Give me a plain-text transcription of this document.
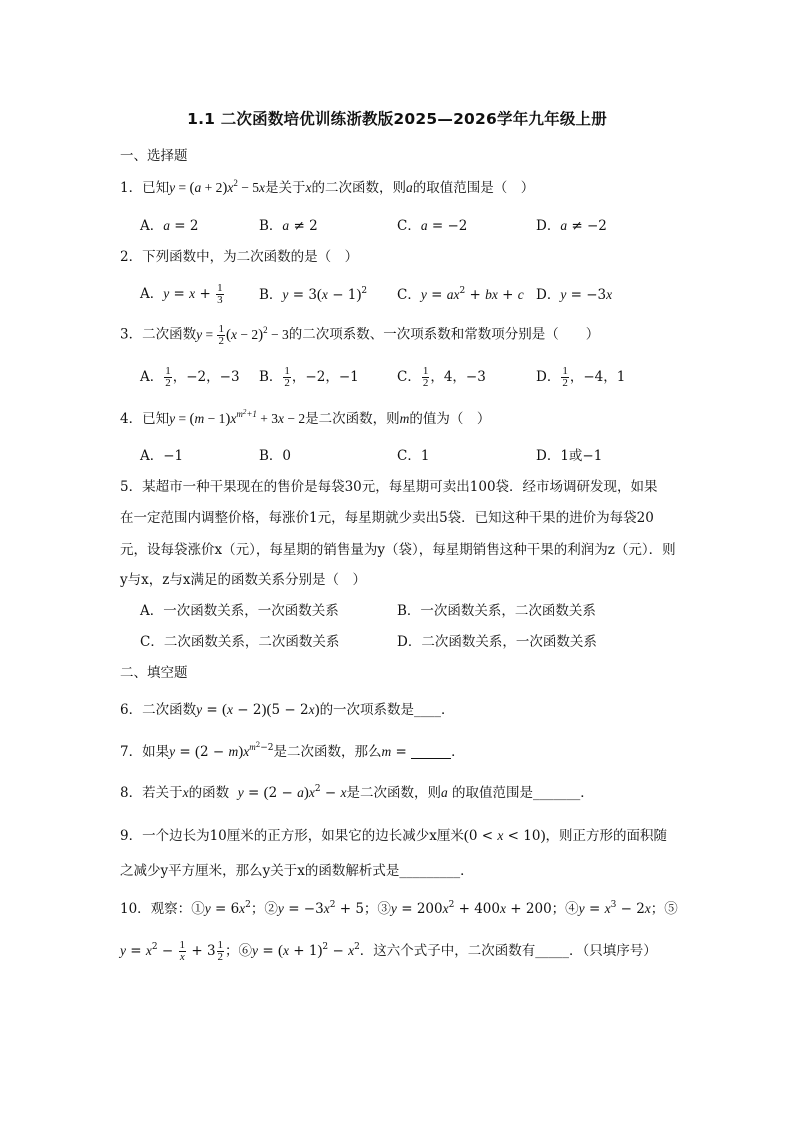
1.1 二次函数培优训练浙教版2025—2026学年九年级上册
一、选择题
1．已知$y = (a + 2)x^2 - 5x$是关于x的二次函数，则a的取值范围是（　）
A．a = 2	B．a ≠ 2	C．a = −2	D．a ≠ −2
2．下列函数中，为二次函数的是（　）
A．$y = x + \frac{1}{3}$	B．$y = 3(x - 1)^2$ C．$y = ax^2$ + bx + c D．y = −3x
3．二次函数$y = \frac{1}{2} (x - 2)^2 - 3$的二次项系数、一次项系数和常数项分别是（　　）
A． $\frac{1}{2}$ ，−2，−3 B． $\frac{1}{2}$ ，−2，−1	C． $\frac{1}{2}$ ，4，−3	D． $\frac{1}{2}$ ，−4，1
4．已知$y = (m - 1)x^{m^2+1} + 3x - 2$是二次函数，则m的值为（　）
A．−1	B．0	C．1	D．1或−1
5．某超市一种干果现在的售价是每袋30元，每星期可卖出100袋．经市场调研发现，如果
在一定范围内调整价格，每涨价1元，每星期就少卖出5袋．已知这种干果的进价为每袋20
元，设每袋涨价x（元），每星期的销售量为y（袋），每星期销售这种干果的利润为z（元）．则
y与x，z与x满足的函数关系分别是（　）
A．一次函数关系，一次函数关系	B．一次函数关系，二次函数关系
C．二次函数关系，二次函数关系	D．二次函数关系，一次函数关系
二、填空题
6．二次函数y = (x − 2)(5 − 2x)的一次项系数是____．
7．如果$y = (2 - m)x^{m^2-2}$是二次函数，那么m =	．
8．若关于x的函数 $y = (2 - a)x^2 - x$是二次函数，则a 的取值范围是_______．
9．一个边长为10厘米的正方形，如果它的边长减少x厘米(0 < x < 10)，则正方形的面积随
之减少y平方厘米，那么y关于x的函数解析式是_________．
10．观察：①y = $6x^2$；②y = $-3x^2 + 5$；③y = $200x^2 + 400x + 200$；④y = $x^3 - 2x$；⑤
$y = x^2 - \frac{1}{x} + 3 \frac{1}{2}$ ；⑥y = $(x + 1)^2 - x^2$．这六个式子中，二次函数有_____．（只填序号）
